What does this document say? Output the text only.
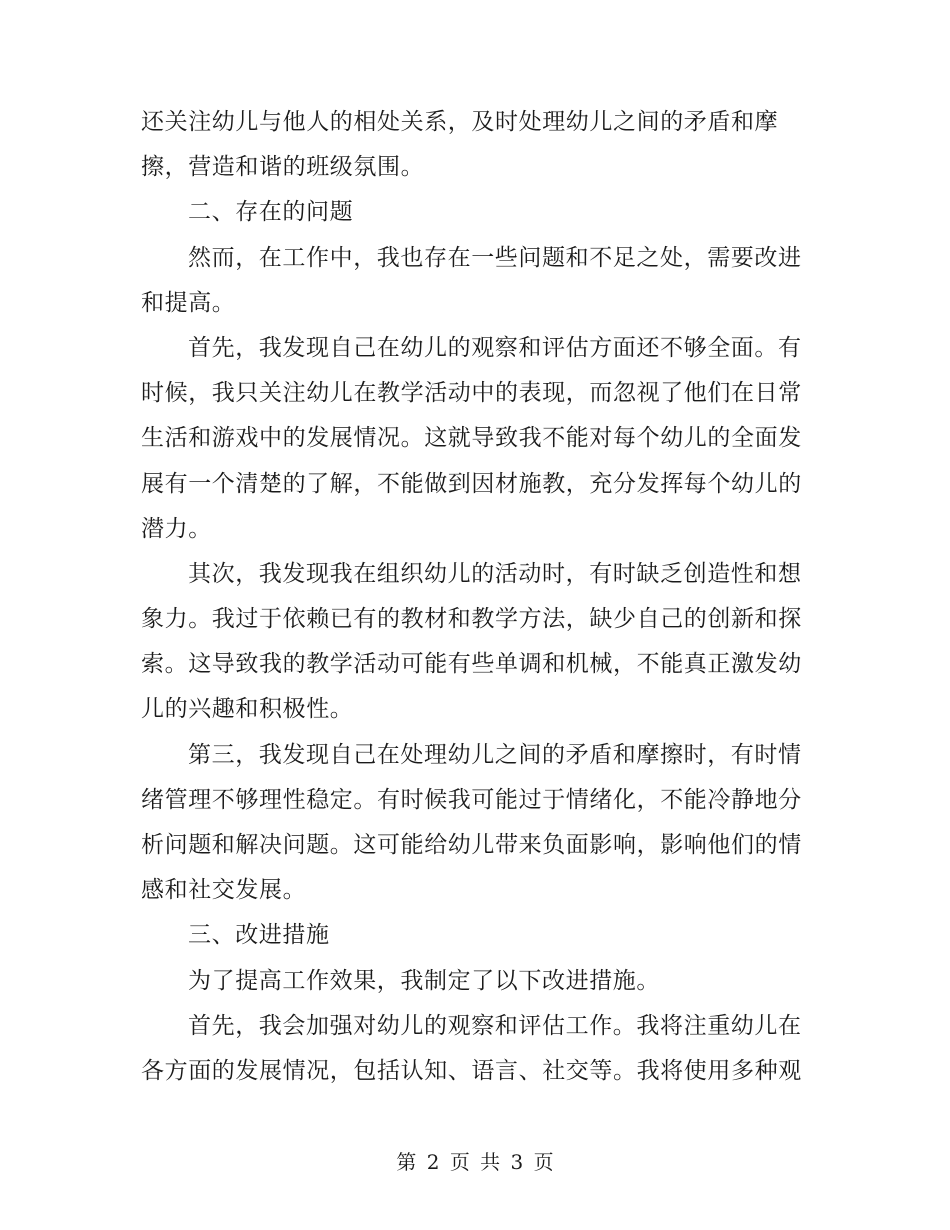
还关注幼儿与他人的相处关系，及时处理幼儿之间的矛盾和摩
擦，营造和谐的班级氛围。
二、存在的问题
然而，在工作中，我也存在一些问题和不足之处，需要改进
和提高。
首先，我发现自己在幼儿的观察和评估方面还不够全面。有
时候，我只关注幼儿在教学活动中的表现，而忽视了他们在日常
生活和游戏中的发展情况。这就导致我不能对每个幼儿的全面发
展有一个清楚的了解，不能做到因材施教，充分发挥每个幼儿的
潜力。
其次，我发现我在组织幼儿的活动时，有时缺乏创造性和想
象力。我过于依赖已有的教材和教学方法，缺少自己的创新和探
索。这导致我的教学活动可能有些单调和机械，不能真正激发幼
儿的兴趣和积极性。
第三，我发现自己在处理幼儿之间的矛盾和摩擦时，有时情
绪管理不够理性稳定。有时候我可能过于情绪化，不能冷静地分
析问题和解决问题。这可能给幼儿带来负面影响，影响他们的情
感和社交发展。
三、改进措施
为了提高工作效果，我制定了以下改进措施。
首先，我会加强对幼儿的观察和评估工作。我将注重幼儿在
各方面的发展情况，包括认知、语言、社交等。我将使用多种观
第 2 页 共 3 页
